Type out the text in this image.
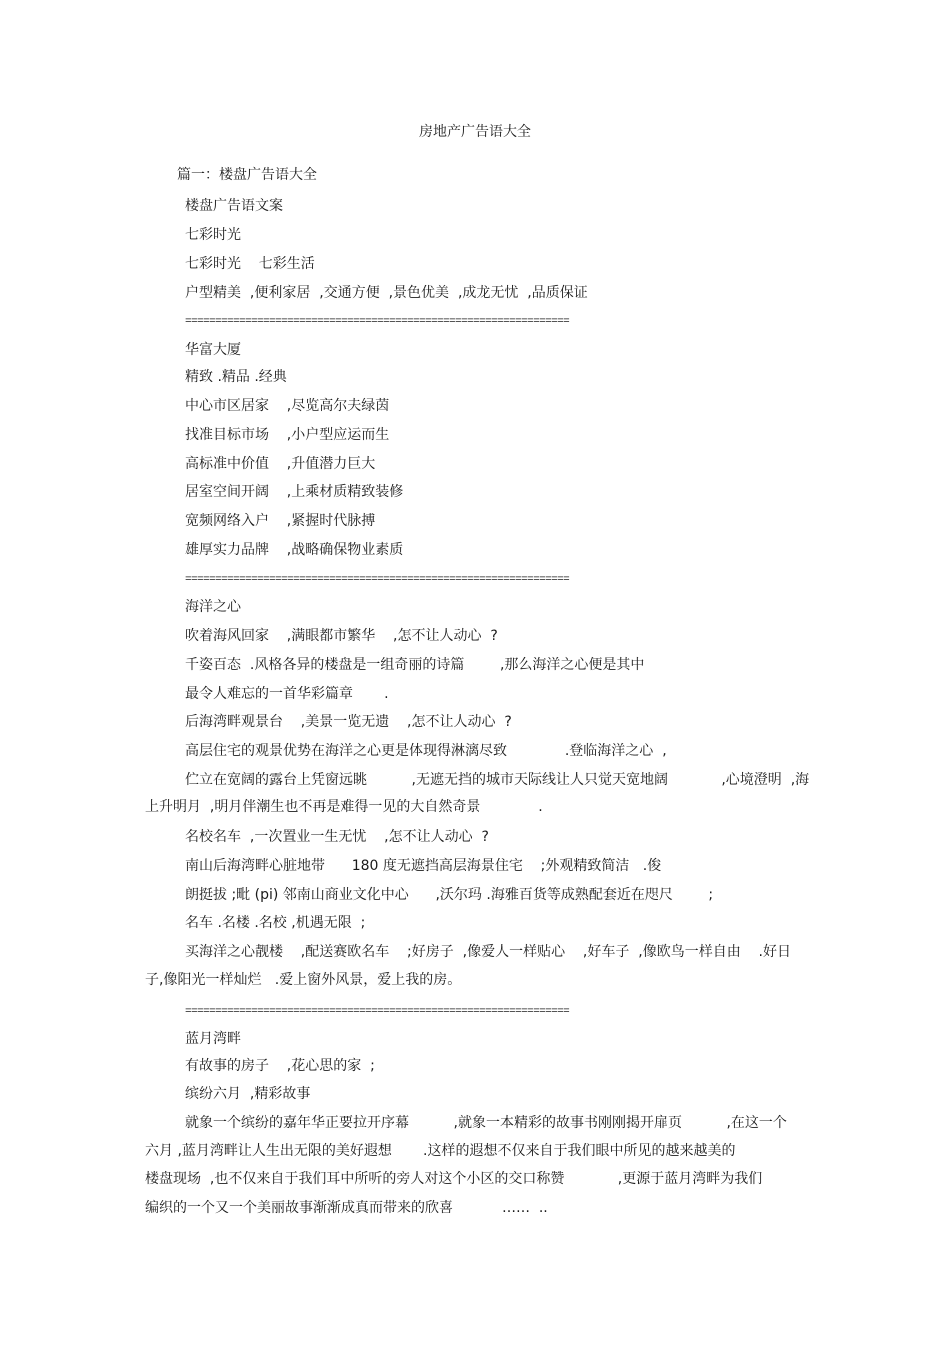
房地产广告语大全
篇一：楼盘广告语大全
楼盘广告语文案
七彩时光
七彩时光    七彩生活
户型精美  ,便利家居  ,交通方便  ,景色优美  ,成龙无忧  ,品质保证
================================================================
华富大厦
精致 .精品 .经典
中心市区居家    ,尽览高尔夫绿茵
找准目标市场    ,小户型应运而生
高标准中价值    ,升值潜力巨大
居室空间开阔    ,上乘材质精致装修
宽频网络入户    ,紧握时代脉搏
雄厚实力品牌    ,战略确保物业素质
================================================================
海洋之心
吹着海风回家    ,满眼都市繁华    ,怎不让人动心  ?
千姿百态  .风格各异的楼盘是一组奇丽的诗篇        ,那么海洋之心便是其中
最令人难忘的一首华彩篇章       .
后海湾畔观景台    ,美景一览无遗    ,怎不让人动心  ?
高层住宅的观景优势在海洋之心更是体现得淋漓尽致             .登临海洋之心  ,
伫立在宽阔的露台上凭窗远眺          ,无遮无挡的城市天际线让人只觉天宽地阔            ,心境澄明  ,海
上升明月  ,明月伴潮生也不再是难得一见的大自然奇景             .
名校名车  ,一次置业一生无忧    ,怎不让人动心  ?
南山后海湾畔心脏地带      180 度无遮挡高层海景住宅    ;外观精致简洁   .俊
朗挺拔 ;毗 (pi) 邻南山商业文化中心      ,沃尔玛 .海雅百货等成熟配套近在咫尺        ;
名车 .名楼 .名校 ,机遇无限  ;
买海洋之心靓楼    ,配送赛欧名车    ;好房子  ,像爱人一样贴心    ,好车子  ,像欧鸟一样自由    .好日
子,像阳光一样灿烂   .爱上窗外风景，爱上我的房。
================================================================
蓝月湾畔
有故事的房子    ,花心思的家  ;
缤纷六月  ,精彩故事
就象一个缤纷的嘉年华正要拉开序幕          ,就象一本精彩的故事书刚刚揭开扉页          ,在这一个
六月 ,蓝月湾畔让人生出无限的美好遐想       .这样的遐想不仅来自于我们眼中所见的越来越美的
楼盘现场  ,也不仅来自于我们耳中所听的旁人对这个小区的交口称赞            ,更源于蓝月湾畔为我们
编织的一个又一个美丽故事渐渐成真而带来的欣喜           ……  ..
